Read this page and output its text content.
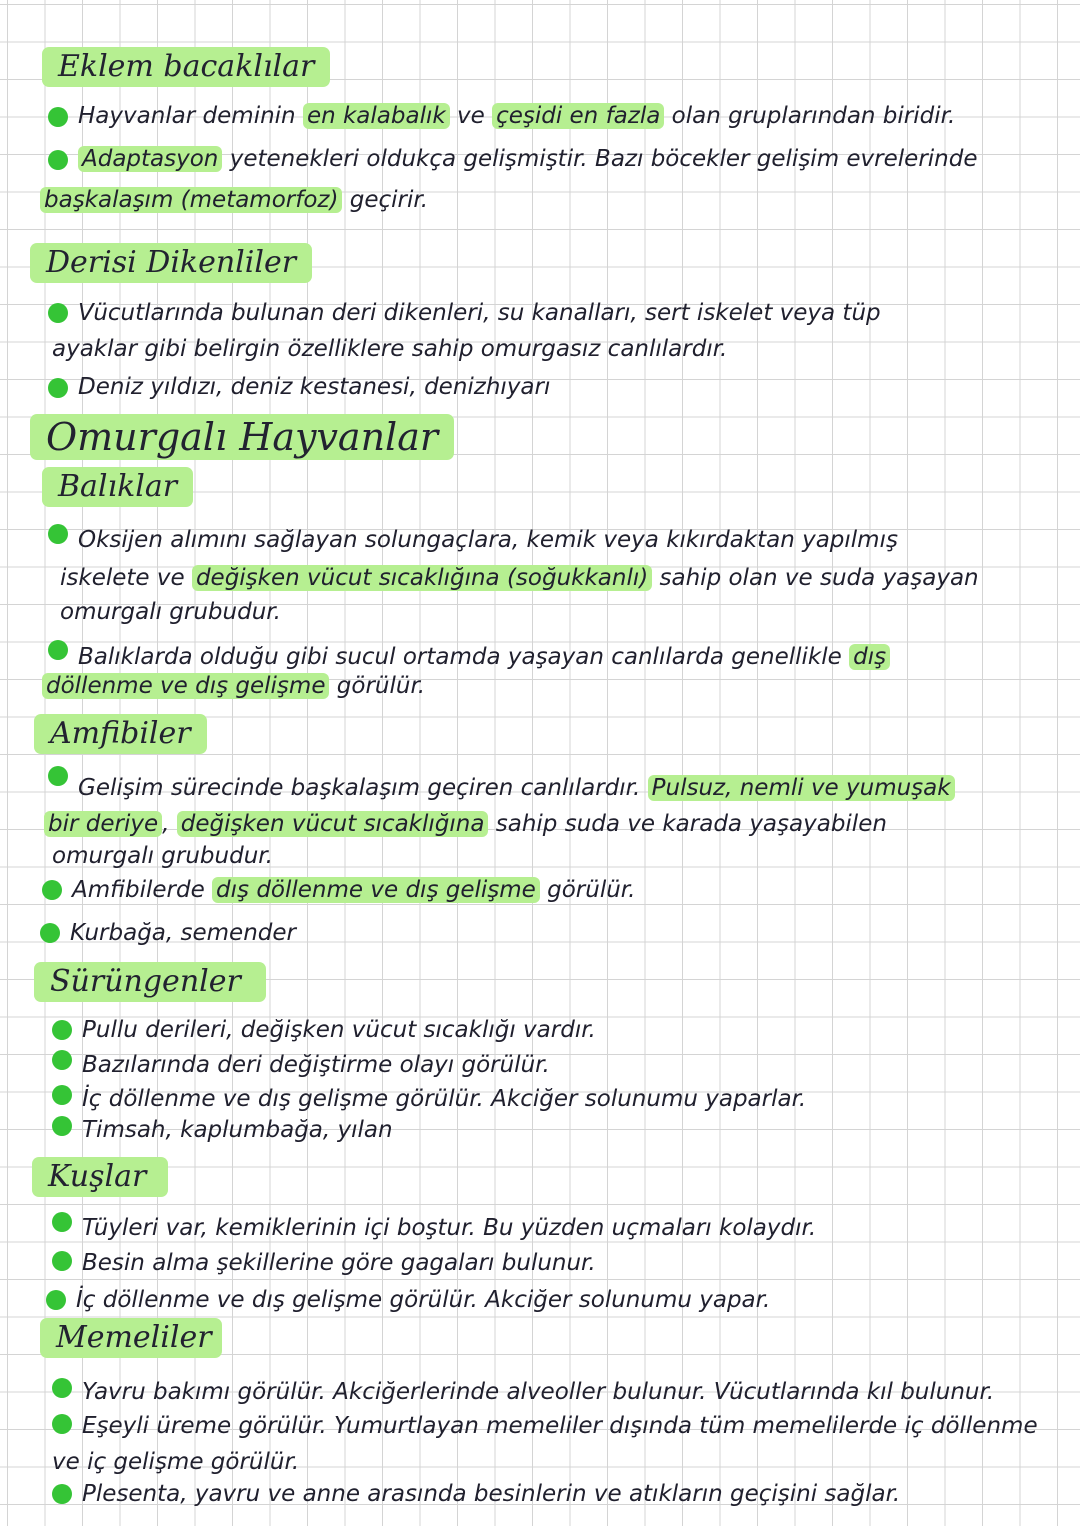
Eklem bacaklılar
Hayvanlar deminin en kalabalık ve çeşidi en fazla olan gruplarından biridir.
Adaptasyon yetenekleri oldukça gelişmiştir. Bazı böcekler gelişim evrelerinde
başkalaşım (metamorfoz) geçirir.
Derisi Dikenliler
Vücutlarında bulunan deri dikenleri, su kanalları, sert iskelet veya tüp
ayaklar gibi belirgin özelliklere sahip omurgasız canlılardır.
Deniz yıldızı, deniz kestanesi, denizhıyarı
Omurgalı Hayvanlar
Balıklar
Oksijen alımını sağlayan solungaçlara, kemik veya kıkırdaktan yapılmış
iskelete ve değişken vücut sıcaklığına (soğukkanlı) sahip olan ve suda yaşayan
omurgalı grubudur.
Balıklarda olduğu gibi sucul ortamda yaşayan canlılarda genellikle dış
döllenme ve dış gelişme görülür.
Amfibiler
Gelişim sürecinde başkalaşım geçiren canlılardır. Pulsuz, nemli ve yumuşak
bir deriye , değişken vücut sıcaklığına sahip suda ve karada yaşayabilen
omurgalı grubudur.
Amfibilerde dış döllenme ve dış gelişme görülür.
Kurbağa, semender
Sürüngenler
Pullu derileri, değişken vücut sıcaklığı vardır.
Bazılarında deri değiştirme olayı görülür.
İç döllenme ve dış gelişme görülür. Akciğer solunumu yaparlar.
Timsah, kaplumbağa, yılan
Kuşlar
Tüyleri var, kemiklerinin içi boştur. Bu yüzden uçmaları kolaydır.
Besin alma şekillerine göre gagaları bulunur.
İç döllenme ve dış gelişme görülür. Akciğer solunumu yapar.
Memeliler
Yavru bakımı görülür. Akciğerlerinde alveoller bulunur. Vücutlarında kıl bulunur.
Eşeyli üreme görülür. Yumurtlayan memeliler dışında tüm memelilerde iç döllenme
ve iç gelişme görülür.
Plesenta, yavru ve anne arasında besinlerin ve atıkların geçişini sağlar.
